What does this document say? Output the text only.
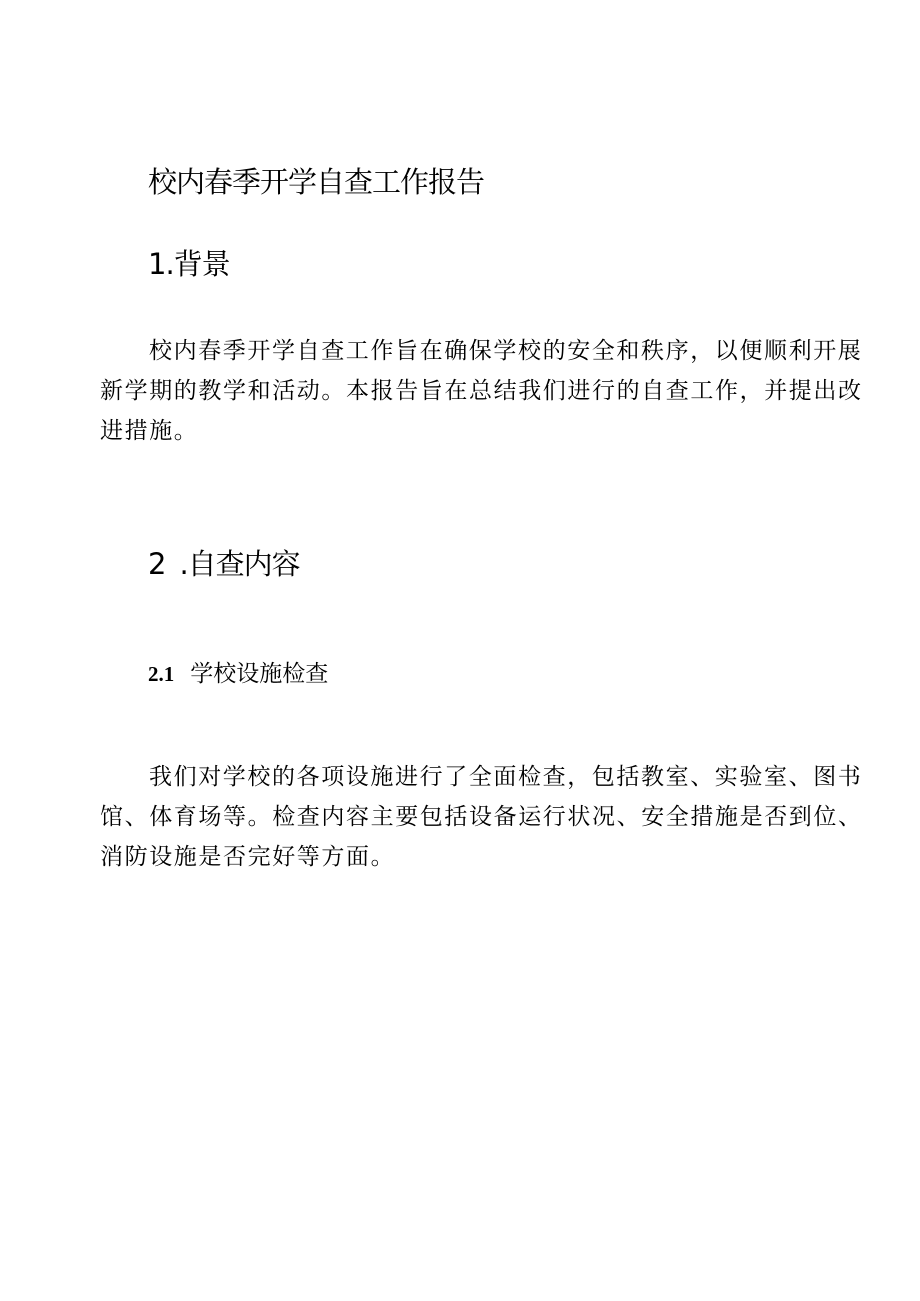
校内春季开学自查工作报告
1.背景
校内春季开学自查工作旨在确保学校的安全和秩序，以便顺利开展
新学期的教学和活动。本报告旨在总结我们进行的自查工作，并提出改
进措施。
2 .自查内容
2.1 学校设施检查
我们对学校的各项设施进行了全面检查，包括教室、实验室、图书
馆、体育场等。检查内容主要包括设备运行状况、安全措施是否到位、
消防设施是否完好等方面。
